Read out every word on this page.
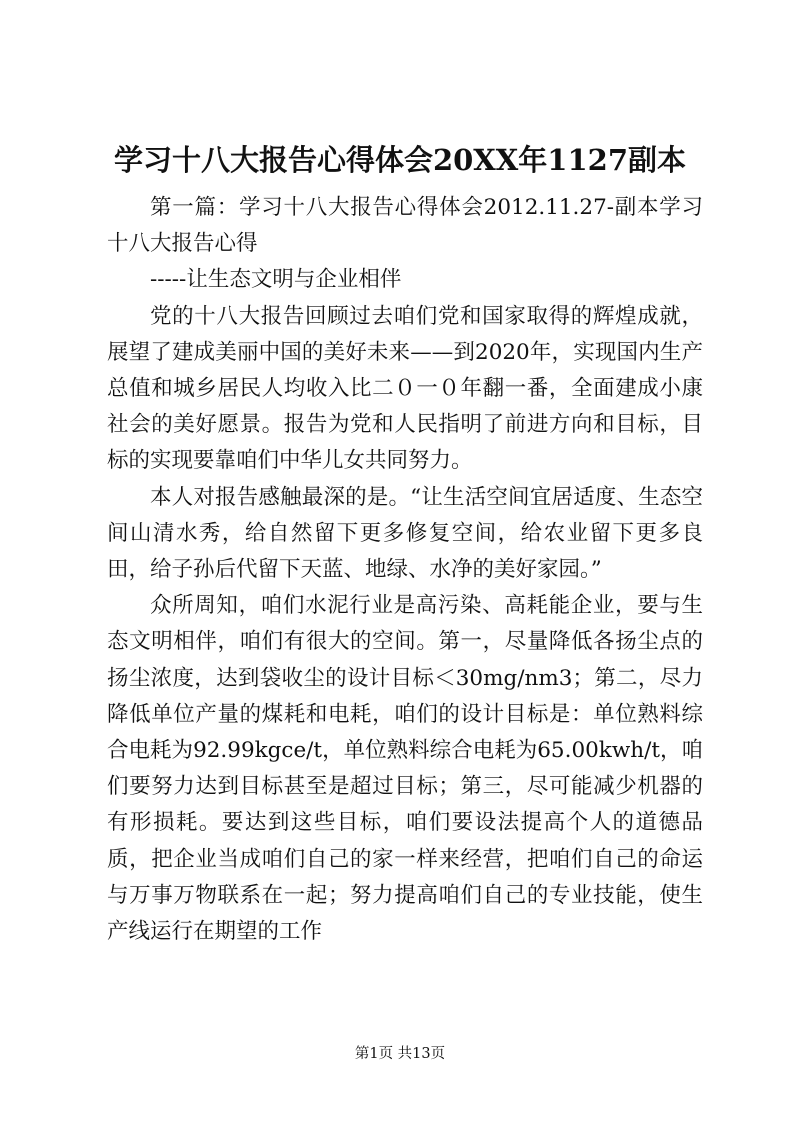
学习十八大报告心得体会20XX年1127副本

第一篇：学习十八大报告心得体会2012.11.27-副本学习十八大报告心得

-----让生态文明与企业相伴

党的十八大报告回顾过去咱们党和国家取得的辉煌成就，展望了建成美丽中国的美好未来——到2020年，实现国内生产总值和城乡居民人均收入比二０一０年翻一番，全面建成小康社会的美好愿景。报告为党和人民指明了前进方向和目标，目标的实现要靠咱们中华儿女共同努力。

本人对报告感触最深的是。“让生活空间宜居适度、生态空间山清水秀，给自然留下更多修复空间，给农业留下更多良田，给子孙后代留下天蓝、地绿、水净的美好家园。”

众所周知，咱们水泥行业是高污染、高耗能企业，要与生态文明相伴，咱们有很大的空间。第一，尽量降低各扬尘点的扬尘浓度，达到袋收尘的设计目标＜30mg/nm3；第二，尽力降低单位产量的煤耗和电耗，咱们的设计目标是：单位熟料综合电耗为92.99kgce/t，单位熟料综合电耗为65.00kwh/t，咱们要努力达到目标甚至是超过目标；第三，尽可能减少机器的有形损耗。要达到这些目标，咱们要设法提高个人的道德品质，把企业当成咱们自己的家一样来经营，把咱们自己的命运与万事万物联系在一起；努力提高咱们自己的专业技能，使生产线运行在期望的工作

第1页 共13页
